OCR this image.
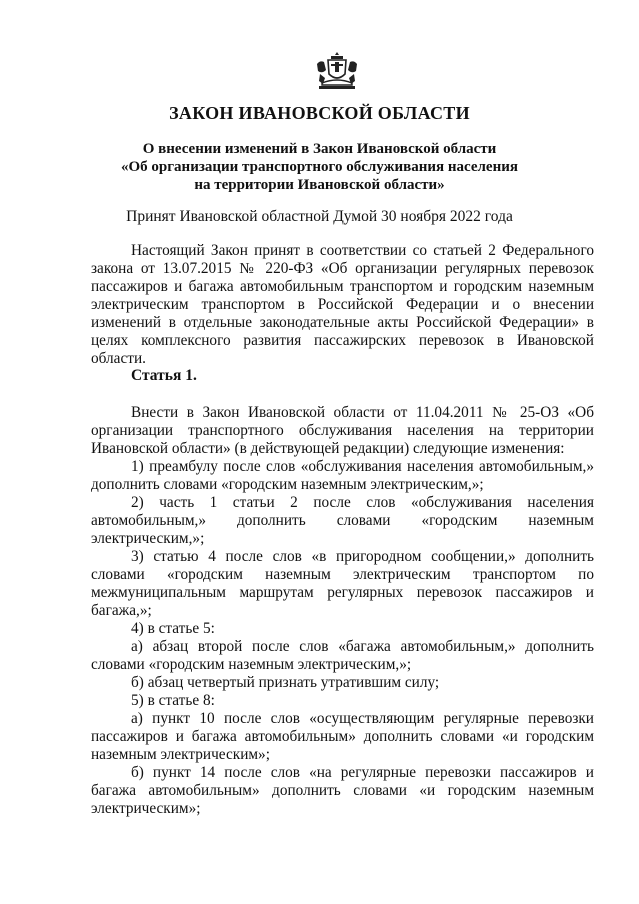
ЗАКОН ИВАНОВСКОЙ ОБЛАСТИ
О внесении изменений в Закон Ивановской области
«Об организации транспортного обслуживания населения
на территории Ивановской области»
Принят Ивановской областной Думой 30 ноября 2022 года

Настоящий Закон принят в соответствии со статьей 2 Федерального закона от 13.07.2015 № 220-ФЗ «Об организации регулярных перевозок пассажиров и багажа автомобильным транспортом и городским наземным электрическим транспортом в Российской Федерации и о внесении изменений в отдельные законодательные акты Российской Федерации» в целях комплексного развития пассажирских перевозок в Ивановской области.

Статья 1.

Внести в Закон Ивановской области от 11.04.2011 № 25-ОЗ «Об организации транспортного обслуживания населения на территории Ивановской области» (в действующей редакции) следующие изменения:

1) преамбулу после слов «обслуживания населения автомобильным,» дополнить словами «городским наземным электрическим,»;

2) часть 1 статьи 2 после слов «обслуживания населения автомобильным,» дополнить словами «городским наземным электрическим,»;

3) статью 4 после слов «в пригородном сообщении,» дополнить словами «городским наземным электрическим транспортом по межмуниципальным маршрутам регулярных перевозок пассажиров и багажа,»;

4) в статье 5:

а) абзац второй после слов «багажа автомобильным,» дополнить словами «городским наземным электрическим,»;

б) абзац четвертый признать утратившим силу;

5) в статье 8:

а) пункт 10 после слов «осуществляющим регулярные перевозки пассажиров и багажа автомобильным» дополнить словами «и городским наземным электрическим»;

б) пункт 14 после слов «на регулярные перевозки пассажиров и багажа автомобильным» дополнить словами «и городским наземным электрическим»;
